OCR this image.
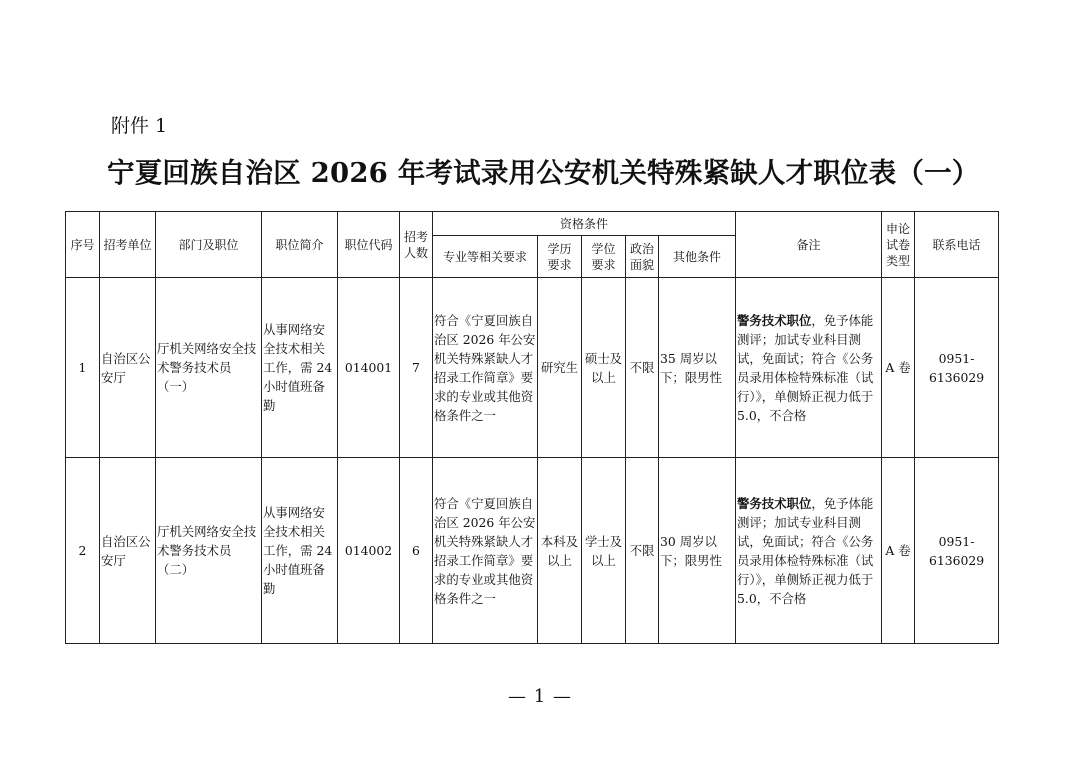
附件 1
宁夏回族自治区 2026 年考试录用公安机关特殊紧缺人才职位表（一）
序号	招考单位	部门及职位	职位简介	职位代码	招考人数	资格条件					备注	申论试卷类型	联系电话
						专业等相关要求	学历要求	学位要求	政治面貌	其他条件			
1	自治区公安厅	厅机关网络安全技术警务技术员（一）	从事网络安全技术相关工作，需 24 小时值班备勤	014001	7	符合《宁夏回族自治区 2026 年公安机关特殊紧缺人才招录工作简章》要求的专业或其他资格条件之一	研究生	硕士及以上	不限	35 周岁以下；限男性	警务技术职位，免予体能测评；加试专业科目测试，免面试；符合《公务员录用体检特殊标准（试行）》，单侧矫正视力低于 5.0，不合格	A 卷	0951-6136029
2	自治区公安厅	厅机关网络安全技术警务技术员（二）	从事网络安全技术相关工作，需 24 小时值班备勤	014002	6	符合《宁夏回族自治区 2026 年公安机关特殊紧缺人才招录工作简章》要求的专业或其他资格条件之一	本科及以上	学士及以上	不限	30 周岁以下；限男性	警务技术职位，免予体能测评；加试专业科目测试，免面试；符合《公务员录用体检特殊标准（试行）》，单侧矫正视力低于 5.0，不合格	A 卷	0951-6136029
— 1 —
